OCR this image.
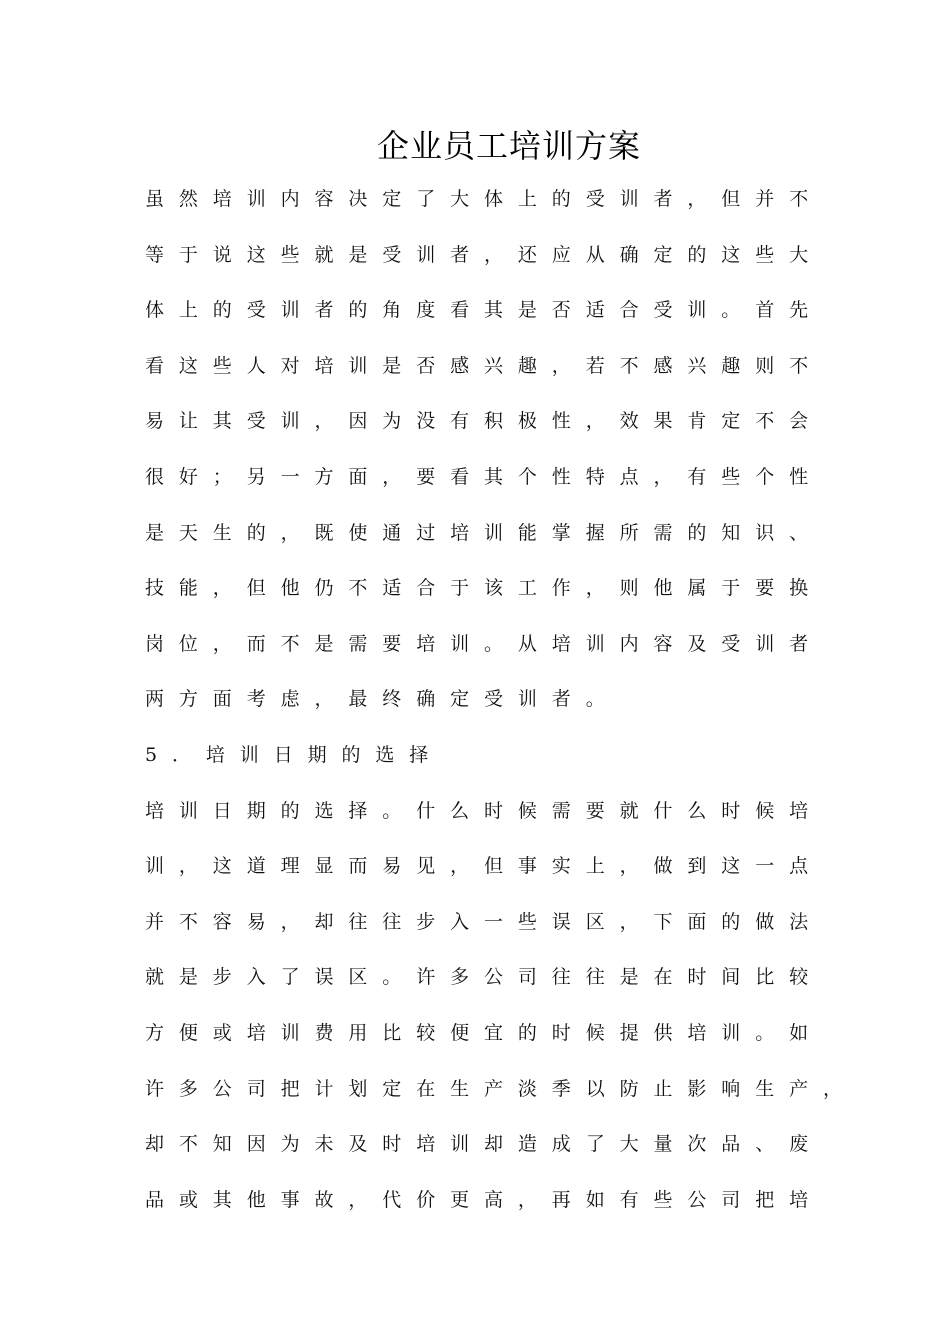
企业员工培训方案
虽然培训内容决定了大体上的受训者，但并不
等于说这些就是受训者，还应从确定的这些大
体上的受训者的角度看其是否适合受训。首先
看这些人对培训是否感兴趣，若不感兴趣则不
易让其受训，因为没有积极性，效果肯定不会
很好；另一方面，要看其个性特点，有些个性
是天生的，既使通过培训能掌握所需的知识、
技能，但他仍不适合于该工作，则他属于要换
岗位，而不是需要培训。从培训内容及受训者
两方面考虑，最终确定受训者。
5．培训日期的选择
培训日期的选择。什么时候需要就什么时候培
训，这道理显而易见，但事实上，做到这一点
并不容易，却往往步入一些误区，下面的做法
就是步入了误区。许多公司往往是在时间比较
方便或培训费用比较便宜的时候提供培训。如
许多公司把计划定在生产淡季以防止影响生产，
却不知因为未及时培训却造成了大量次品、废
品或其他事故，代价更高，再如有些公司把培
